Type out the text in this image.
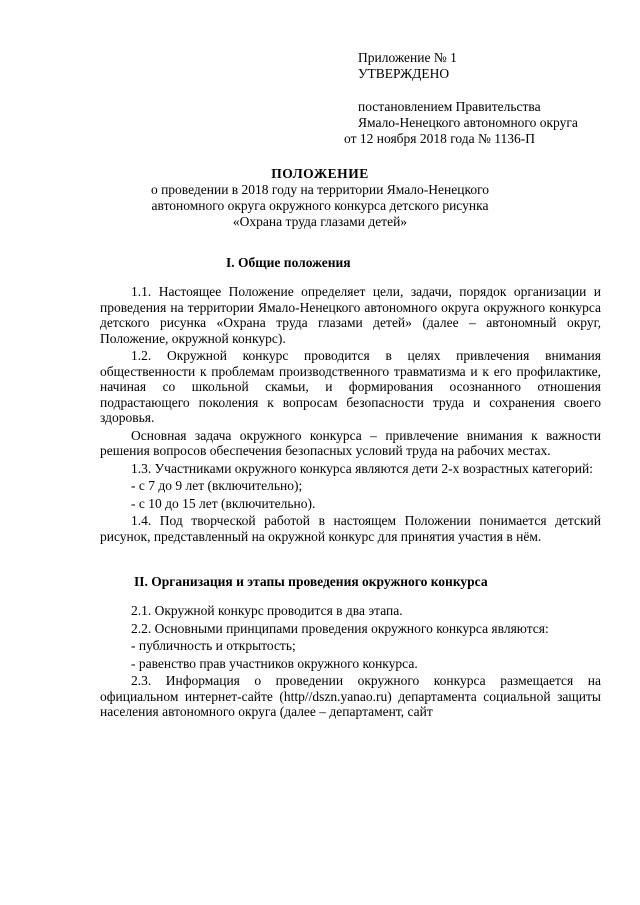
Приложение № 1
УТВЕРЖДЕНО
постановлением Правительства
Ямало-Ненецкого автономного округа
от 12 ноября 2018 года № 1136-П
ПОЛОЖЕНИЕ
о проведении в 2018 году на территории Ямало-Ненецкого
автономного округа окружного конкурса детского рисунка
«Охрана труда глазами детей»
I. Общие положения

1.1. Настоящее Положение определяет цели, задачи, порядок организации и проведения на территории Ямало-Ненецкого автономного округа окружного конкурса детского рисунка «Охрана труда глазами детей» (далее – автономный округ, Положение, окружной конкурс).

1.2. Окружной конкурс проводится в целях привлечения внимания общественности к проблемам производственного травматизма и к его профилактике, начиная со школьной скамьи, и формирования осознанного отношения подрастающего поколения к вопросам безопасности труда и сохранения своего здоровья.

Основная задача окружного конкурса – привлечение внимания к важности решения вопросов обеспечения безопасных условий труда на рабочих местах.

1.3. Участниками окружного конкурса являются дети 2-х возрастных категорий:

- с 7 до 9 лет (включительно);

- с 10 до 15 лет (включительно).

1.4. Под творческой работой в настоящем Положении понимается детский рисунок, представленный на окружной конкурс для принятия участия в нём.

II. Организация и этапы проведения окружного конкурса

2.1. Окружной конкурс проводится в два этапа.

2.2. Основными принципами проведения окружного конкурса являются:

- публичность и открытость;

- равенство прав участников окружного конкурса.

2.3. Информация о проведении окружного конкурса размещается на официальном интернет-сайте (http//dszn.yanao.ru) департамента социальной защиты населения автономного округа (далее – департамент, сайт
